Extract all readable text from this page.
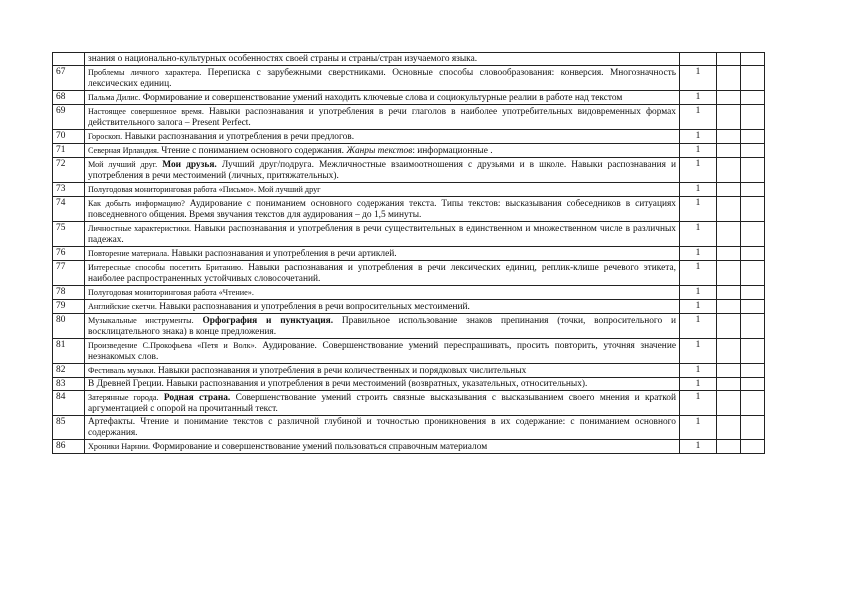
	знания о национально-культурных особенностях своей страны и страны/стран изучаемого языка.			
67	Проблемы личного характера. Переписка с зарубежными сверстниками. Основные способы словообразования: конверсия. Многозначность лексических единиц.	1		
68	Пальма Дилис. Формирование и совершенствование умений находить ключевые слова и социокультурные реалии в работе над текстом	1		
69	Настоящее совершенное время. Навыки распознавания и употребления в речи глаголов в наиболее употребительных видовременных формах действительного залога – Present Perfect.	1		
70	Гороскоп. Навыки распознавания и употребления в речи предлогов.	1		
71	Северная Ирландия. Чтение с пониманием основного содержания. Жанры текстов: информационные .	1		
72	Мой лучший друг. Мои друзья. Лучший друг/подруга. Межличностные взаимоотношения с друзьями и в школе. Навыки распознавания и употребления в речи местоимений (личных, притяжательных).	1		
73	Полугодовая мониторинговая работа «Письмо». Мой лучший друг	1		
74	Как добыть информацию? Аудирование с пониманием основного содержания текста. Типы текстов: высказывания собеседников в ситуациях повседневного общения. Время звучания текстов для аудирования – до 1,5 минуты.	1		
75	Личностные характеристики. Навыки распознавания и употребления в речи существительных в единственном и множественном числе в различных падежах.	1		
76	Повторение материала. Навыки распознавания и употребления в речи артиклей.	1		
77	Интересные способы посетить Британию. Навыки распознавания и употребления в речи лексических единиц, реплик-клише речевого этикета, наиболее распространенных устойчивых словосочетаний.	1		
78	Полугодовая мониторинговая работа «Чтение».	1		
79	Английские скетчи. Навыки распознавания и употребления в речи вопросительных местоимений.	1		
80	Музыкальные инструменты. Орфография и пунктуация. Правильное использование знаков препинания (точки, вопросительного и восклицательного знака) в конце предложения.	1		
81	Произведение С.Прокофьева «Петя и Волк». Аудирование. Совершенствование умений переспрашивать, просить повторить, уточняя значение незнакомых слов.	1		
82	Фестиваль музыки. Навыки распознавания и употребления в речи количественных и порядковых числительных	1		
83	В Древней Греции. Навыки распознавания и употребления в речи местоимений (возвратных, указательных, относительных).	1		
84	Затерянные города. Родная страна. Совершенствование умений строить связные высказывания с высказыванием своего мнения и краткой аргументацией с опорой на прочитанный текст.	1		
85	Артефакты. Чтение и понимание текстов с различной глубиной и точностью проникновения в их содержание: с пониманием основного содержания.	1		
86	Хроники Нарнии. Формирование и совершенствование умений пользоваться справочным материалом	1		
